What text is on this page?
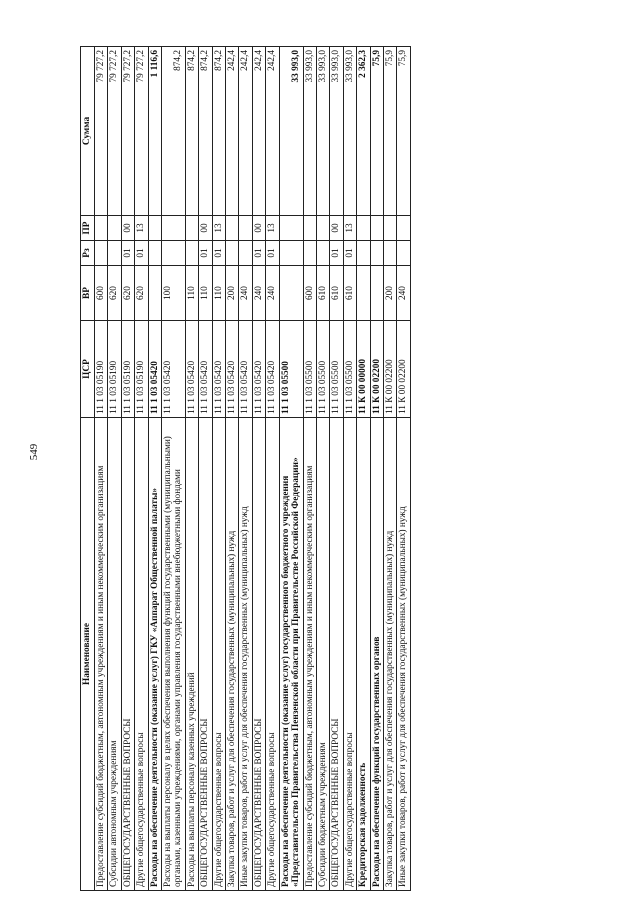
549
Наименование	ЦСР	ВР	Рз	ПР	Сумма
Предоставление субсидий бюджетным, автономным учреждениям и иным некоммерческим организациям	11 1 03 05190	600			79 727,2
Субсидии автономным учреждениям	11 1 03 05190	620			79 727,2
ОБЩЕГОСУДАРСТВЕННЫЕ ВОПРОСЫ	11 1 03 05190	620	01	00	79 727,2
Другие общегосударственные вопросы	11 1 03 05190	620	01	13	79 727,2
Расходы на обеспечение деятельности (оказание услуг) ГКУ «Аппарат Общественной палаты»	11 1 03 05420				1 116,6
Расходы на выплаты персоналу в целях обеспечения выполнения функций государственными (муниципальными) органами, казенными учреждениями, органами управления государственными внебюджетными фондами	11 1 03 05420	100			874,2
Расходы на выплаты персоналу казенных учреждений	11 1 03 05420	110			874,2
ОБЩЕГОСУДАРСТВЕННЫЕ ВОПРОСЫ	11 1 03 05420	110	01	00	874,2
Другие общегосударственные вопросы	11 1 03 05420	110	01	13	874,2
Закупка товаров, работ и услуг для обеспечения государственных (муниципальных) нужд	11 1 03 05420	200			242,4
Иные закупки товаров, работ и услуг для обеспечения государственных (муниципальных) нужд	11 1 03 05420	240			242,4
ОБЩЕГОСУДАРСТВЕННЫЕ ВОПРОСЫ	11 1 03 05420	240	01	00	242,4
Другие общегосударственные вопросы	11 1 03 05420	240	01	13	242,4
Расходы на обеспечение деятельности (оказание услуг) государственного бюджетного учреждения «Представительство Правительства Пензенской области при Правительстве Российской Федерации»	11 1 03 05500				33 993,0
Предоставление субсидий бюджетным, автономным учреждениям и иным некоммерческим организациям	11 1 03 05500	600			33 993,0
Субсидии бюджетным учреждениям	11 1 03 05500	610			33 993,0
ОБЩЕГОСУДАРСТВЕННЫЕ ВОПРОСЫ	11 1 03 05500	610	01	00	33 993,0
Другие общегосударственные вопросы	11 1 03 05500	610	01	13	33 993,0
Кредиторская задолженность	11 К 00 00000				2 362,3
Расходы на обеспечение функций государственных органов	11 К 00 02200				75,9
Закупка товаров, работ и услуг для обеспечения государственных (муниципальных) нужд	11 К 00 02200	200			75,9
Иные закупки товаров, работ и услуг для обеспечения государственных (муниципальных) нужд	11 К 00 02200	240			75,9
